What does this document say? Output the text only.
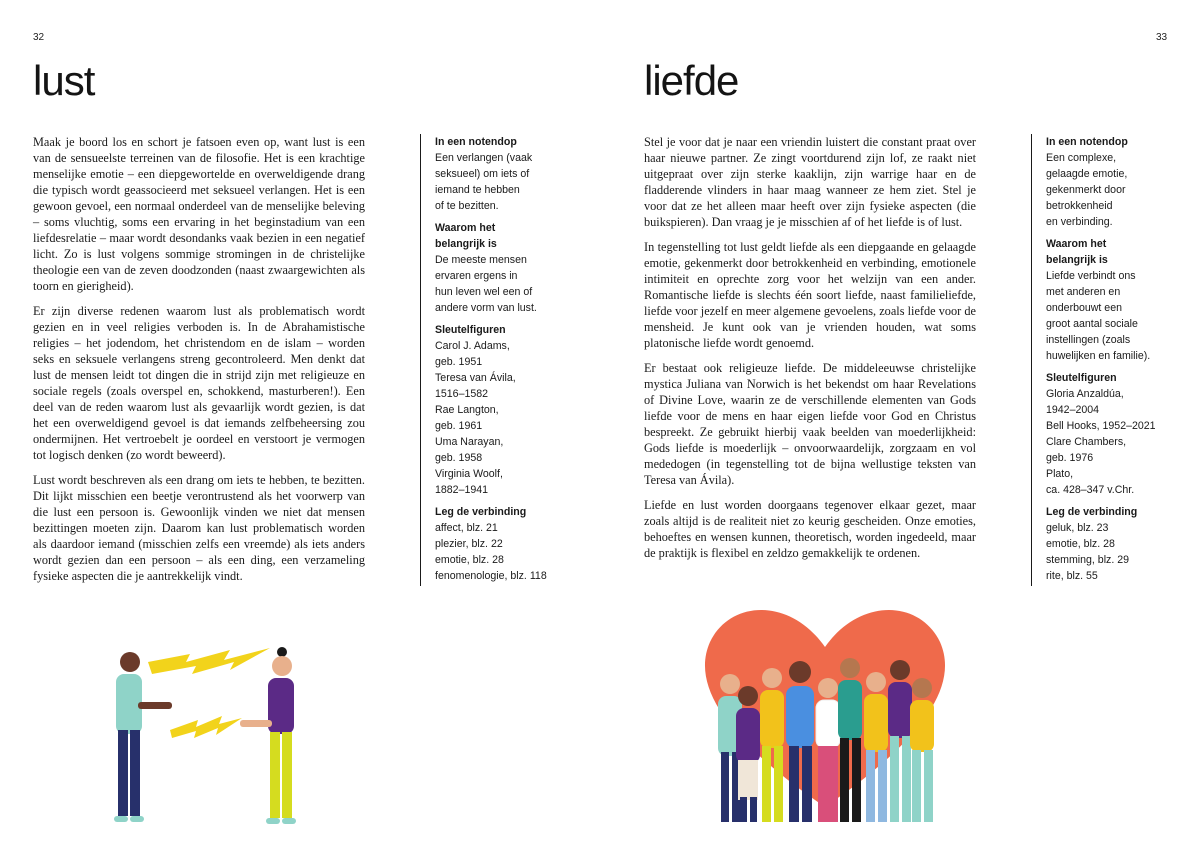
32
lust

Maak je boord los en schort je fatsoen even op, want lust is een van de sensueelste terreinen van de filosofie. Het is een krachtige menselijke emotie – een diepgewortelde en overweldigende drang die typisch wordt geassocieerd met seksueel verlangen. Het is een gewoon gevoel, een normaal onderdeel van de menselijke beleving – soms vluchtig, soms een ervaring in het beginstadium van een liefdesrelatie – maar wordt desondanks vaak bezien in een negatief licht. Zo is lust volgens sommige stromingen in de christelijke theologie een van de zeven doodzonden (naast zwaargewichten als toorn en gierigheid).

Er zijn diverse redenen waarom lust als problematisch wordt gezien en in veel religies verboden is. In de Abrahamistische religies – het jodendom, het christendom en de islam – worden seks en seksuele verlangens streng gecontroleerd. Men denkt dat lust de mensen leidt tot dingen die in strijd zijn met religieuze en sociale regels (zoals overspel en, schokkend, masturberen!). Een deel van de reden waarom lust als gevaarlijk wordt gezien, is dat het een overweldigend gevoel is dat iemands zelfbeheersing zou ondermijnen. Het vertroebelt je oordeel en verstoort je vermogen tot logisch denken (zo wordt beweerd).

Lust wordt beschreven als een drang om iets te hebben, te bezitten. Dit lijkt misschien een beetje verontrustend als het voorwerp van die lust een persoon is. Gewoonlijk vinden we niet dat mensen bezittingen moeten zijn. Daarom kan lust problematisch worden als daardoor iemand (misschien zelfs een vreemde) als iets anders wordt gezien dan een persoon – als een ding, een verzameling fysieke aspecten die je aantrekkelijk vindt.

In een notendop

Een verlangen (vaak
seksueel) om iets of
iemand te hebben
of te bezitten.

Waarom het

belangrijk is

De meeste mensen
ervaren ergens in
hun leven wel een of
andere vorm van lust.

Sleutelfiguren

Carol J. Adams,
geb. 1951
Teresa van Ávila,
1516–1582
Rae Langton,
geb. 1961
Uma Narayan,
geb. 1958
Virginia Woolf,
1882–1941

Leg de verbinding

affect, blz. 21
plezier, blz. 22
emotie, blz. 28
fenomenologie, blz. 118
33
liefde

Stel je voor dat je naar een vriendin luistert die constant praat over haar nieuwe partner. Ze zingt voortdurend zijn lof, ze raakt niet uitgepraat over zijn sterke kaaklijn, zijn warrige haar en de fladderende vlinders in haar maag wanneer ze hem ziet. Stel je voor dat ze het alleen maar heeft over zijn fysieke aspecten (die buikspieren). Dan vraag je je misschien af of het liefde is of lust.

In tegenstelling tot lust geldt liefde als een diepgaande en gelaagde emotie, gekenmerkt door betrokkenheid en verbinding, emotionele intimiteit en oprechte zorg voor het welzijn van een ander. Romantische liefde is slechts één soort liefde, naast familieliefde, liefde voor jezelf en meer algemene gevoelens, zoals liefde voor de mensheid. Je kunt ook van je vrienden houden, wat soms platonische liefde wordt genoemd.

Er bestaat ook religieuze liefde. De middeleeuwse christelijke mystica Juliana van Norwich is het bekendst om haar Revelations of Divine Love, waarin ze de verschillende elementen van Gods liefde voor de mens en haar eigen liefde voor God en Christus bespreekt. Ze gebruikt hierbij vaak beelden van moederlijkheid: Gods liefde is moederlijk – onvoorwaardelijk, zorgzaam en vol mededogen (in tegenstelling tot de bijna wellustige teksten van Teresa van Ávila).

Liefde en lust worden doorgaans tegenover elkaar gezet, maar zoals altijd is de realiteit niet zo keurig gescheiden. Onze emoties, behoeftes en wensen kunnen, theoretisch, worden ingedeeld, maar de praktijk is flexibel en zeldzo gemakkelijk te ordenen.

In een notendop

Een complexe,
gelaagde emotie,
gekenmerkt door
betrokkenheid
en verbinding.

Waarom het

belangrijk is

Liefde verbindt ons
met anderen en
onderbouwt een
groot aantal sociale
instellingen (zoals
huwelijken en familie).

Sleutelfiguren

Gloria Anzaldúa,
1942–2004
Bell Hooks, 1952–2021
Clare Chambers,
geb. 1976
Plato,
ca. 428–347 v.Chr.

Leg de verbinding

geluk, blz. 23
emotie, blz. 28
stemming, blz. 29
rite, blz. 55
